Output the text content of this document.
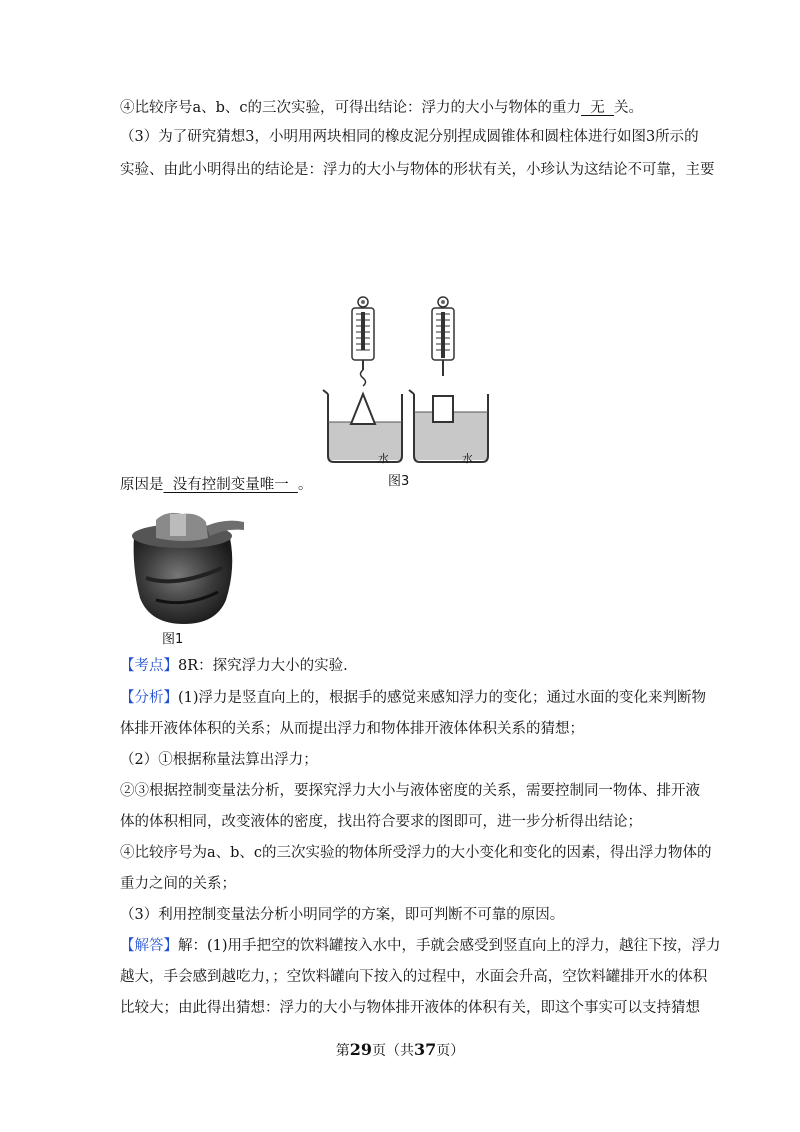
④比较序号a、b、c的三次实验，可得出结论：浮力的大小与物体的重力  无  关。
（3）为了研究猜想3，小明用两块相同的橡皮泥分别捏成圆锥体和圆柱体进行如图3所示的
实验、由此小明得出的结论是：浮力的大小与物体的形状有关，小珍认为这结论不可靠，主要
水	水
图3
原因是  没有控制变量唯一  。
图1
【考点】8R：探究浮力大小的实验.
【分析】(1)浮力是竖直向上的，根据手的感觉来感知浮力的变化；通过水面的变化来判断物
体排开液体体积的关系；从而提出浮力和物体排开液体体积关系的猜想；
（2）①根据称量法算出浮力；
②③根据控制变量法分析，要探究浮力大小与液体密度的关系，需要控制同一物体、排开液
体的体积相同，改变液体的密度，找出符合要求的图即可，进一步分析得出结论；
④比较序号为a、b、c的三次实验的物体所受浮力的大小变化和变化的因素，得出浮力物体的
重力之间的关系；
（3）利用控制变量法分析小明同学的方案，即可判断不可靠的原因。
【解答】解：(1)用手把空的饮料罐按入水中，手就会感受到竖直向上的浮力，越往下按，浮力
越大，手会感到越吃力，；空饮料罐向下按入的过程中，水面会升高，空饮料罐排开水的体积
比较大；由此得出猜想：浮力的大小与物体排开液体的体积有关，即这个事实可以支持猜想
第29页（共37页）
